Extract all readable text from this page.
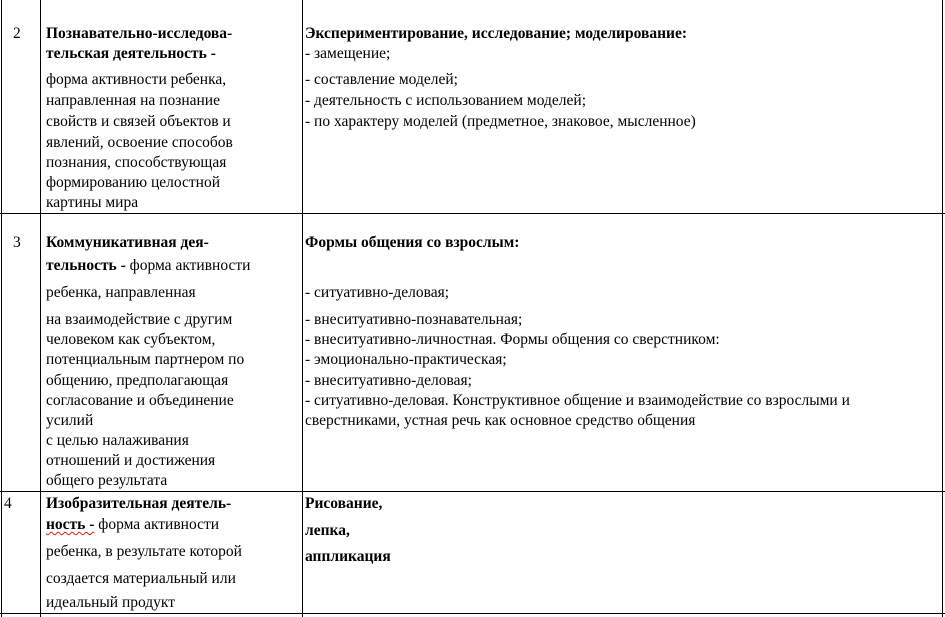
2 Познавательно-исследова-
тельская деятельность -
форма активности ребенка,
направленная на познание
свойств и связей объектов и
явлений, освоение способов
познания, способствующая
формированию целостной
картины мира
Экспериментирование, исследование; моделирование:
- замещение;
- составление моделей;
- деятельность с использованием моделей;
- по характеру моделей (предметное, знаковое, мысленное)
3 Коммуникативная дея-
тельность - форма активности
ребенка, направленная
на взаимодействие с другим
человеком как субъектом,
потенциальным партнером по
общению, предполагающая
согласование и объединение
усилий
с целью налаживания
отношений и достижения
общего результата
Формы общения со взрослым:
- ситуативно-деловая;
- внеситуативно-познавательная;
- внеситуативно-личностная. Формы общения со сверстником:
- эмоционально-практическая;
- внеситуативно-деловая;
- ситуативно-деловая. Конструктивное общение и взаимодействие со взрослыми и
сверстниками, устная речь как основное средство общения
4 Изобразительная деятель-
ность - форма активности
ребенка, в результате которой
создается материальный или
идеальный продукт
Рисование,
лепка,
аппликация
